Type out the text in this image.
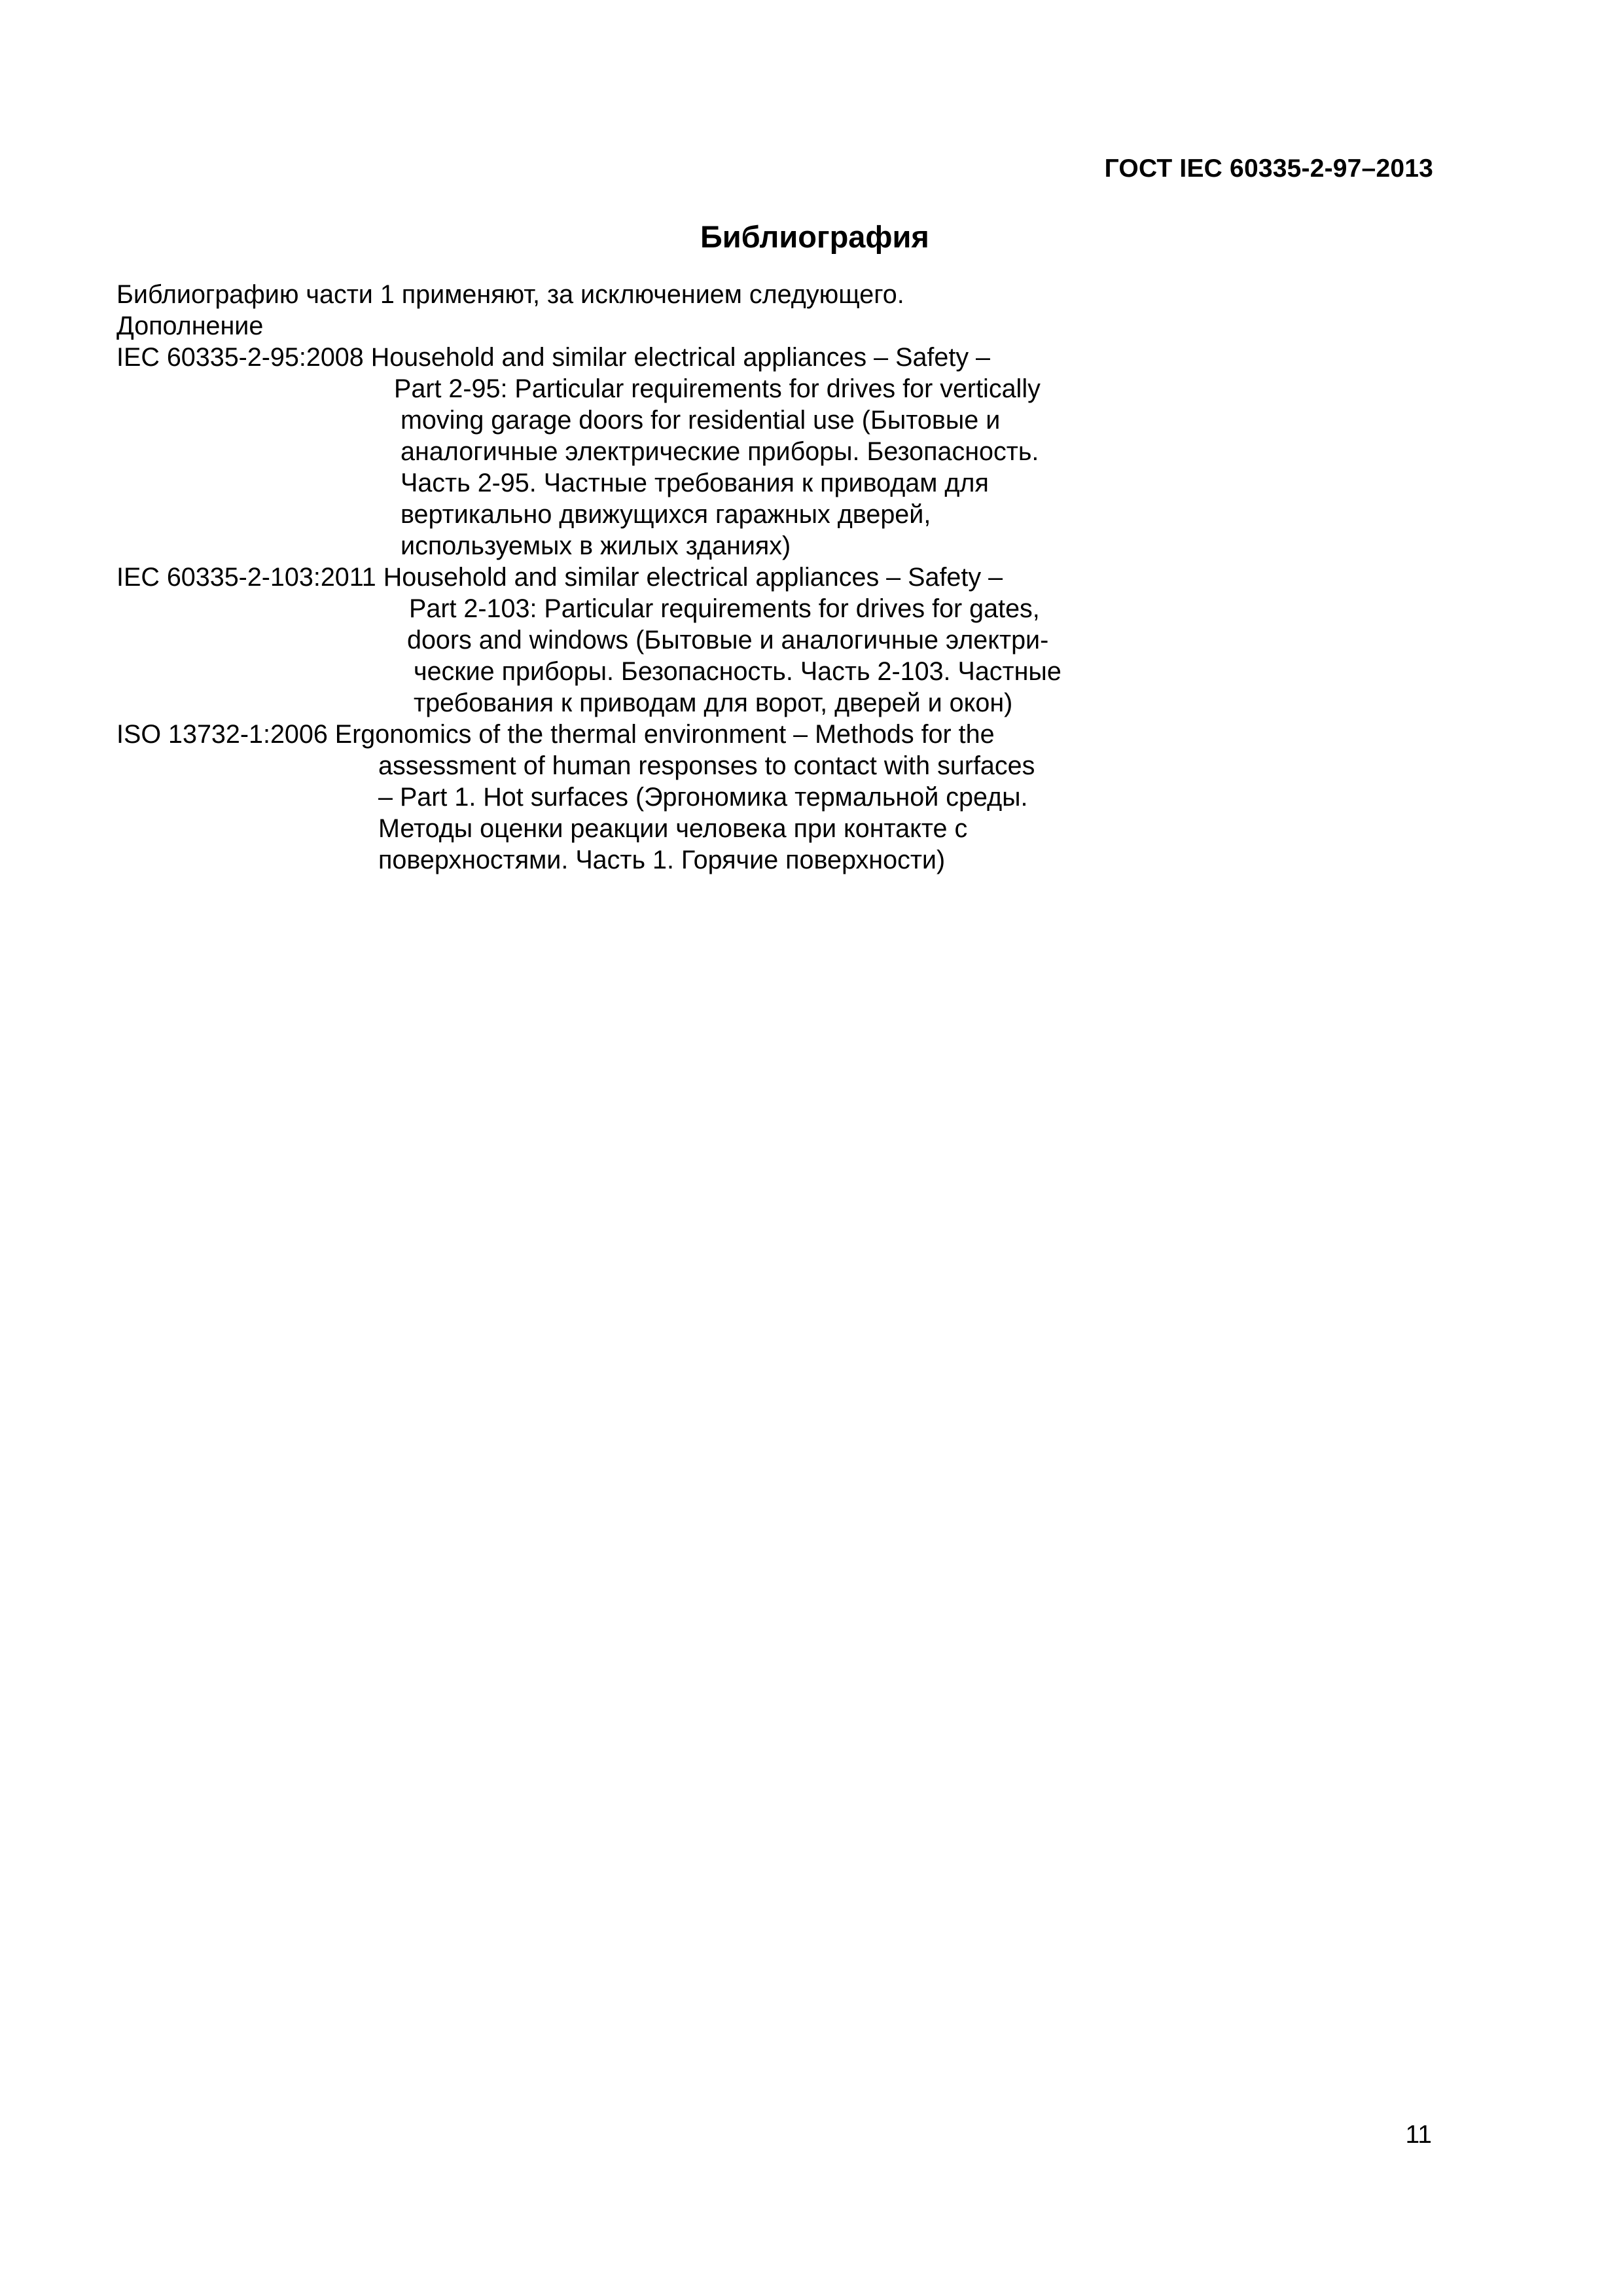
ГОСТ IEC 60335-2-97–2013
Библиография
Библиографию части 1 применяют, за исключением следующего.
Дополнение
IEC 60335-2-95:2008 Household and similar electrical appliances – Safety –
Part 2-95: Particular requirements for drives for vertically
moving garage doors for residential use (Бытовые и
аналогичные электрические приборы. Безопасность.
Часть 2-95. Частные требования к приводам для
вертикально движущихся гаражных дверей,
используемых в жилых зданиях)
IEC 60335-2-103:2011 Household and similar electrical appliances – Safety –
Part 2-103: Particular requirements for drives for gates,
doors and windows (Бытовые и аналогичные электри-
ческие приборы. Безопасность. Часть 2-103. Частные
требования к приводам для ворот, дверей и окон)
ISO 13732-1:2006 Ergonomics of the thermal environment – Methods for the
assessment of human responses to contact with surfaces
– Part 1. Hot surfaces (Эргономика термальной среды.
Методы оценки реакции человека при контакте с
поверхностями. Часть 1. Горячие поверхности)
11
